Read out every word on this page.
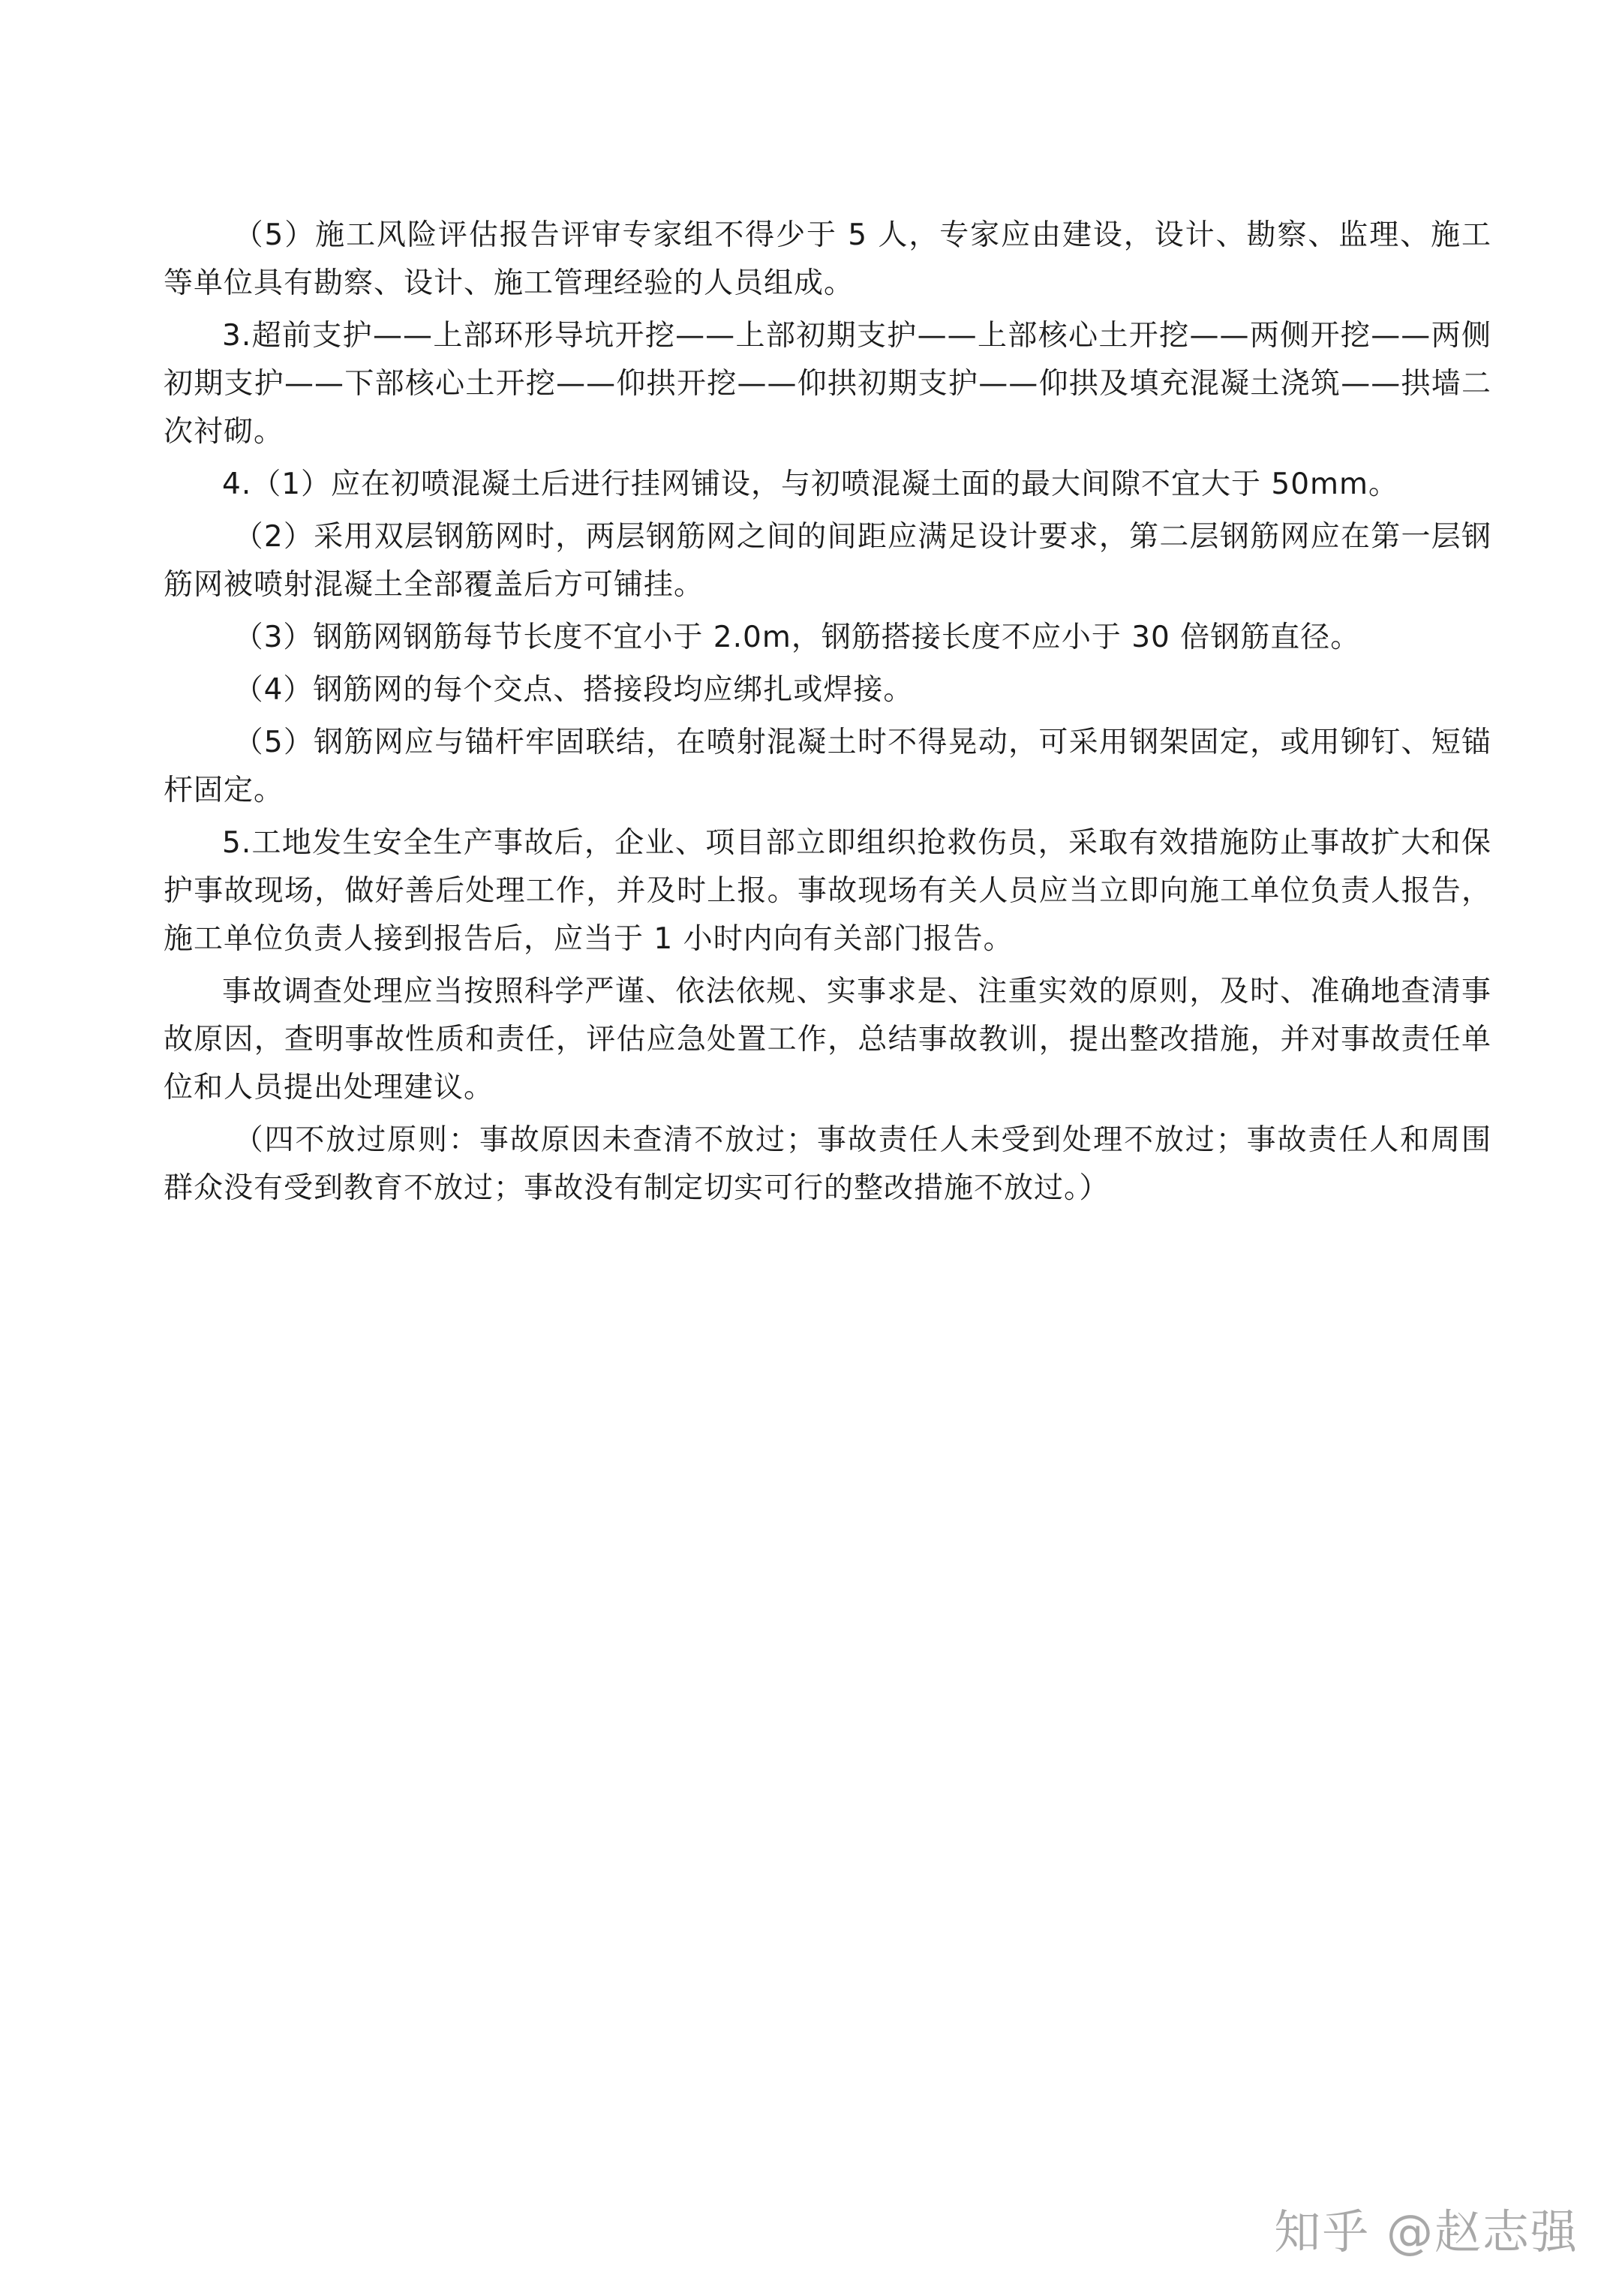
（5）施工风险评估报告评审专家组不得少于 5 人，专家应由建设，设计、勘察、监理、施工等单位具有勘察、设计、施工管理经验的人员组成。

3.超前支护——上部环形导坑开挖——上部初期支护——上部核心土开挖——两侧开挖——两侧初期支护——下部核心土开挖——仰拱开挖——仰拱初期支护——仰拱及填充混凝土浇筑——拱墙二次衬砌。

4.（1）应在初喷混凝土后进行挂网铺设，与初喷混凝土面的最大间隙不宜大于 50mm。

（2）采用双层钢筋网时，两层钢筋网之间的间距应满足设计要求，第二层钢筋网应在第一层钢筋网被喷射混凝土全部覆盖后方可铺挂。

（3）钢筋网钢筋每节长度不宜小于 2.0m，钢筋搭接长度不应小于 30 倍钢筋直径。

（4）钢筋网的每个交点、搭接段均应绑扎或焊接。

（5）钢筋网应与锚杆牢固联结，在喷射混凝土时不得晃动，可采用钢架固定，或用铆钉、短锚杆固定。

5.工地发生安全生产事故后，企业、项目部立即组织抢救伤员，采取有效措施防止事故扩大和保护事故现场，做好善后处理工作，并及时上报。事故现场有关人员应当立即向施工单位负责人报告，施工单位负责人接到报告后，应当于 1 小时内向有关部门报告。

事故调查处理应当按照科学严谨、依法依规、实事求是、注重实效的原则，及时、准确地查清事故原因，查明事故性质和责任，评估应急处置工作，总结事故教训，提出整改措施，并对事故责任单位和人员提出处理建议。

（四不放过原则：事故原因未查清不放过；事故责任人未受到处理不放过；事故责任人和周围群众没有受到教育不放过；事故没有制定切实可行的整改措施不放过。）

知乎 @赵志强
